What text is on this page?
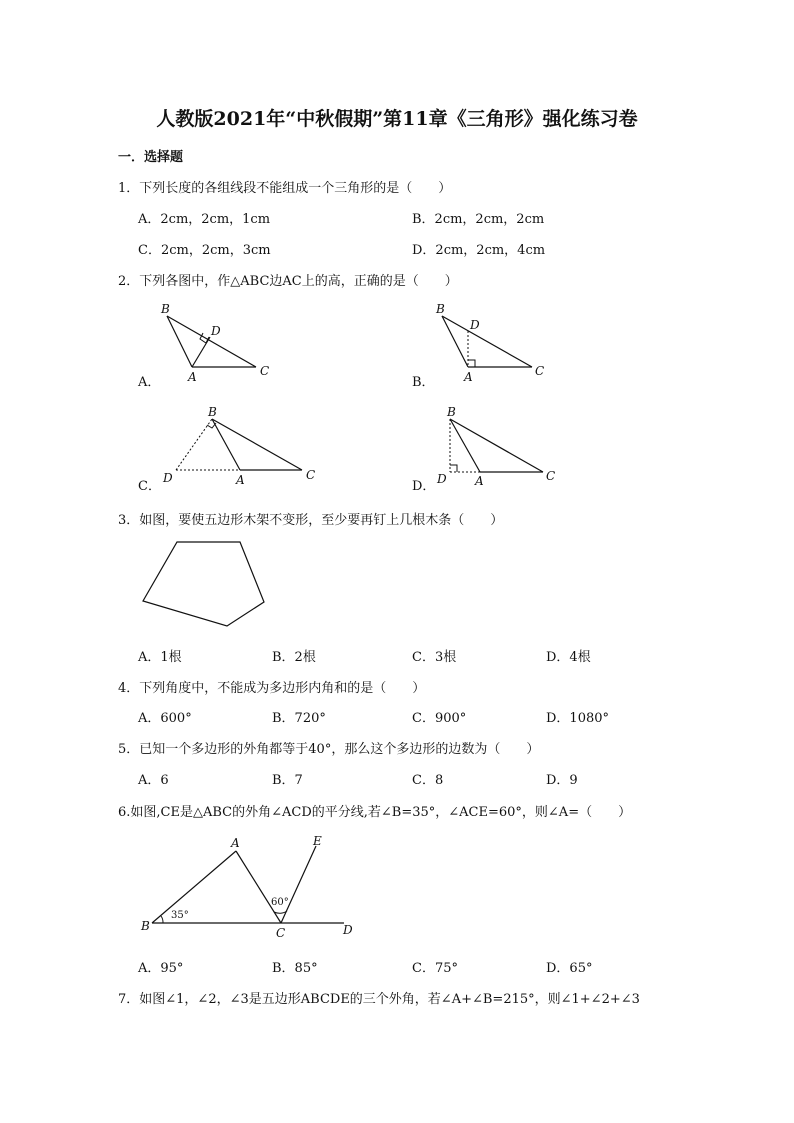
人教版2021年“中秋假期”第11章《三角形》强化练习卷
一．选择题
1．下列长度的各组线段不能组成一个三角形的是（　　）
A．2cm，2cm，1cm	B．2cm，2cm，2cm
C．2cm，2cm，3cm	D．2cm，2cm，4cm
2．下列各图中，作△ABC边AC上的高，正确的是（　　）
A．	B．
C．	D．
B
D
A	C
B
D
A	C
B
D	A	C
B
D A	C
3．如图，要使五边形木架不变形，至少要再钉上几根木条（　　）
A．1根	B．2根	C．3根	D．4根
4．下列角度中，不能成为多边形内角和的是（　　）
A．600°	B．720°	C．900°	D．1080°
5．已知一个多边形的外角都等于40°，那么这个多边形的边数为（　　）
A．6	B．7	C．8	D．9
6.如图,CE是△ABC的外角∠ACD的平分线,若∠B=35°，∠ACE=60°，则∠A=（　　）
A	E
B	C	D
35°
60°
A．95°	B．85°	C．75°	D．65°
7．如图∠1，∠2，∠3是五边形ABCDE的三个外角，若∠A+∠B=215°，则∠1+∠2+∠3
